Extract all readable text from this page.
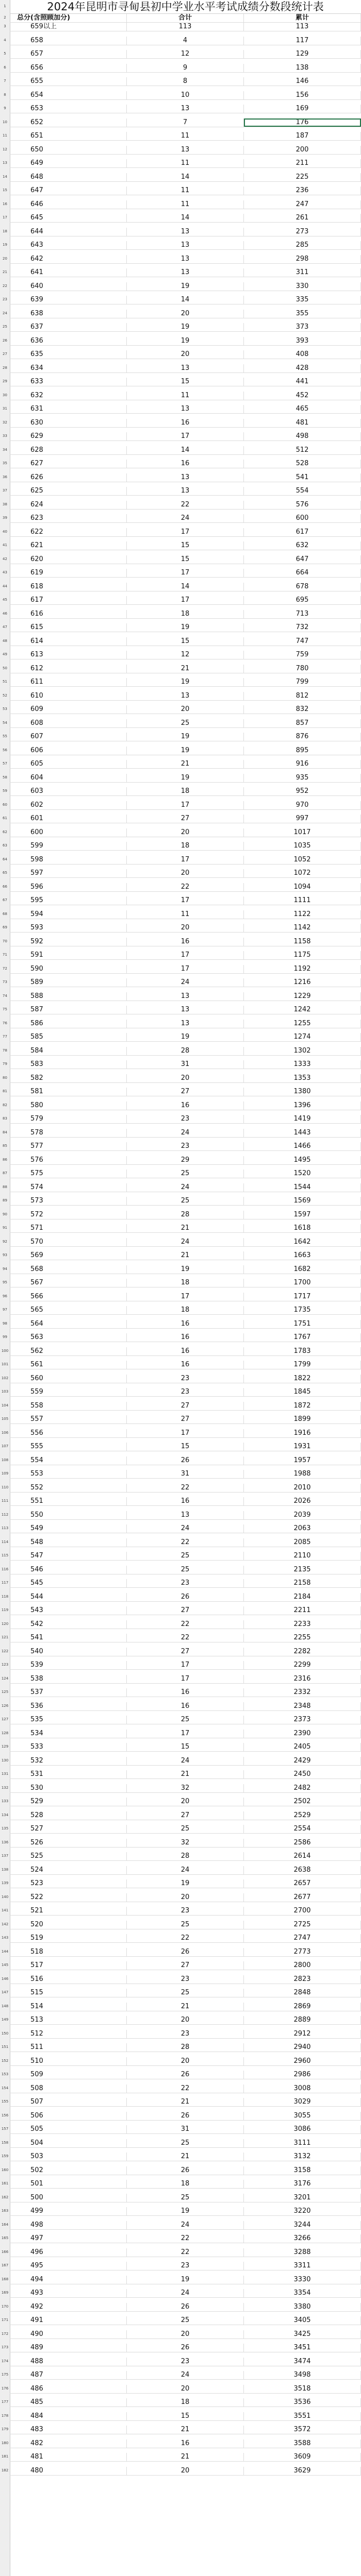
1
2
3
4
5
6
7
8
9
10
11
12
13
14
15
16
17
18
19
20
21
22
23
24
25
26
27
28
29
30
31
32
33
34
35
36
37
38
39
40
41
42
43
44
45
46
47
48
49
50
51
52
53
54
55
56
57
58
59
60
61
62
63
64
65
66
67
68
69
70
71
72
73
74
75
76
77
78
79
80
81
82
83
84
85
86
87
88
89
90
91
92
93
94
95
96
97
98
99
100
101
102
103
104
105
106
107
108
109
110
111
112
113
114
115
116
117
118
119
120
121
122
123
124
125
126
127
128
129
130
131
132
133
134
135
136
137
138
139
140
141
142
143
144
145
146
147
148
149
150
151
152
153
154
155
156
157
158
159
160
161
162
163
164
165
166
167
168
169
170
171
172
173
174
175
176
177
178
179
180
181
182
2024年昆明市寻甸县初中学业水平考试成绩分数段统计表
总分(含照顾加分)	合计	累计
659以上	113	113
658	4	117
657	12	129
656	9	138
655	8	146
654	10	156
653	13	169
652	7	176
651	11	187
650	13	200
649	11	211
648	14	225
647	11	236
646	11	247
645	14	261
644	13	273
643	13	285
642	13	298
641	13	311
640	19	330
639	14	335
638	20	355
637	19	373
636	19	393
635	20	408
634	13	428
633	15	441
632	11	452
631	13	465
630	16	481
629	17	498
628	14	512
627	16	528
626	13	541
625	13	554
624	22	576
623	24	600
622	17	617
621	15	632
620	15	647
619	17	664
618	14	678
617	17	695
616	18	713
615	19	732
614	15	747
613	12	759
612	21	780
611	19	799
610	13	812
609	20	832
608	25	857
607	19	876
606	19	895
605	21	916
604	19	935
603	18	952
602	17	970
601	27	997
600	20	1017
599	18	1035
598	17	1052
597	20	1072
596	22	1094
595	17	1111
594	11	1122
593	20	1142
592	16	1158
591	17	1175
590	17	1192
589	24	1216
588	13	1229
587	13	1242
586	13	1255
585	19	1274
584	28	1302
583	31	1333
582	20	1353
581	27	1380
580	16	1396
579	23	1419
578	24	1443
577	23	1466
576	29	1495
575	25	1520
574	24	1544
573	25	1569
572	28	1597
571	21	1618
570	24	1642
569	21	1663
568	19	1682
567	18	1700
566	17	1717
565	18	1735
564	16	1751
563	16	1767
562	16	1783
561	16	1799
560	23	1822
559	23	1845
558	27	1872
557	27	1899
556	17	1916
555	15	1931
554	26	1957
553	31	1988
552	22	2010
551	16	2026
550	13	2039
549	24	2063
548	22	2085
547	25	2110
546	25	2135
545	23	2158
544	26	2184
543	27	2211
542	22	2233
541	22	2255
540	27	2282
539	17	2299
538	17	2316
537	16	2332
536	16	2348
535	25	2373
534	17	2390
533	15	2405
532	24	2429
531	21	2450
530	32	2482
529	20	2502
528	27	2529
527	25	2554
526	32	2586
525	28	2614
524	24	2638
523	19	2657
522	20	2677
521	23	2700
520	25	2725
519	22	2747
518	26	2773
517	27	2800
516	23	2823
515	25	2848
514	21	2869
513	20	2889
512	23	2912
511	28	2940
510	20	2960
509	26	2986
508	22	3008
507	21	3029
506	26	3055
505	31	3086
504	25	3111
503	21	3132
502	26	3158
501	18	3176
500	25	3201
499	19	3220
498	24	3244
497	22	3266
496	22	3288
495	23	3311
494	19	3330
493	24	3354
492	26	3380
491	25	3405
490	20	3425
489	26	3451
488	23	3474
487	24	3498
486	20	3518
485	18	3536
484	15	3551
483	21	3572
482	16	3588
481	21	3609
480	20	3629
